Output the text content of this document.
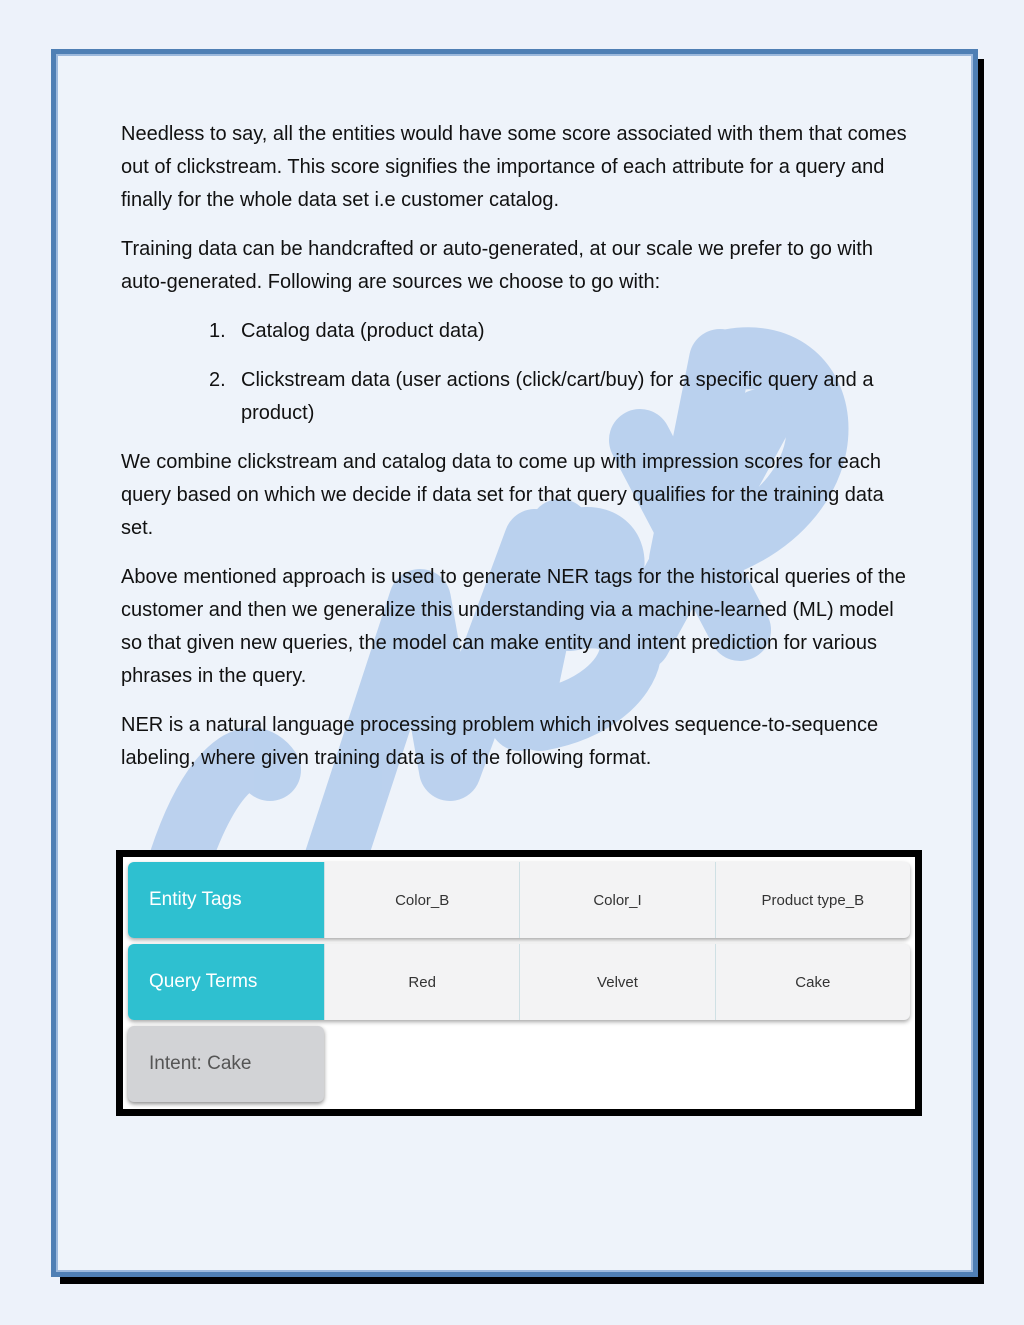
Needless to say, all the entities would have some score associated with them that comes out of clickstream. This score signifies the importance of each attribute for a query and finally for the whole data set i.e customer catalog.

Training data can be handcrafted or auto-generated, at our scale we prefer to go with auto-generated. Following are sources we choose to go with:

1. Catalog data (product data)
2. Clickstream data (user actions (click/cart/buy) for a specific query and a product)

We combine clickstream and catalog data to come up with impression scores for each query based on which we decide if data set for that query qualifies for the training data set.

Above mentioned approach is used to generate NER tags for the historical queries of the customer and then we generalize this understanding via a machine-learned (ML) model so that given new queries, the model can make entity and intent prediction for various phrases in the query.

NER is a natural language processing problem which involves sequence-to-sequence labeling, where given training data is of the following format.

Entity Tags	Color_B	Color_I	Product type_B
Query Terms	Red	Velvet	Cake
Intent: Cake
